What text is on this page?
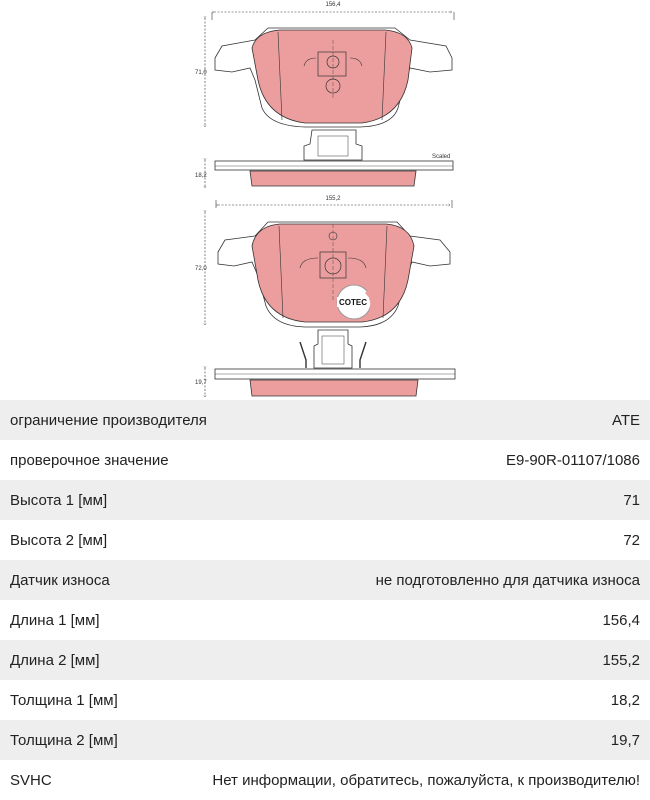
156,4
71,0
18,2
Scaled
155,2
72,0
COTEC
19,7
ограничение производителя	ATE
проверочное значение	E9-90R-01107/1086
Высота 1 [мм]	71
Высота 2 [мм]	72
Датчик износа	не подготовленно для датчика износа
Длина 1 [мм]	156,4
Длина 2 [мм]	155,2
Толщина 1 [мм]	18,2
Толщина 2 [мм]	19,7
SVHC	Нет информации, обратитесь, пожалуйста, к производителю!
